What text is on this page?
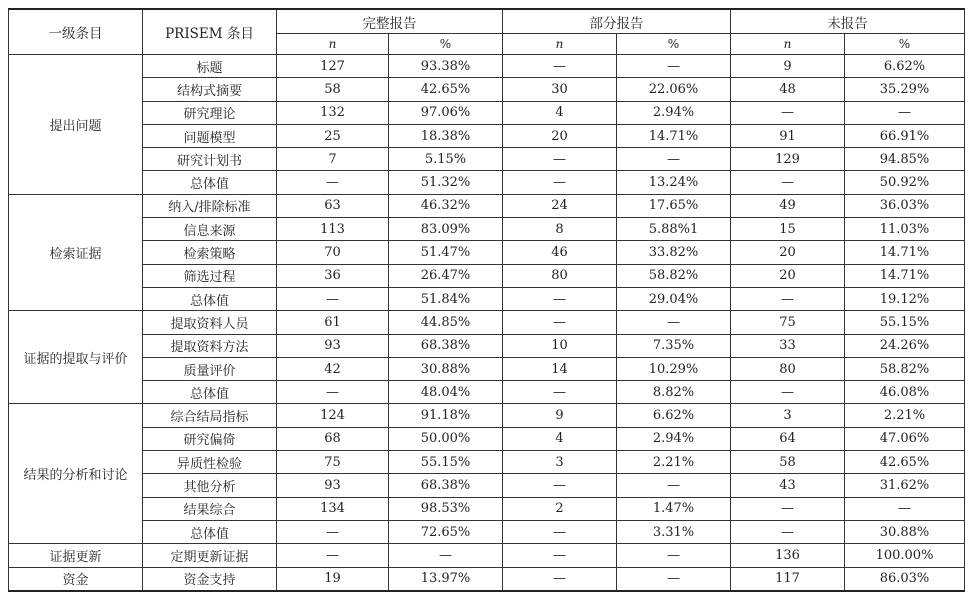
一级条目	PRISEM 条目	完整报告		部分报告		未报告	
		n	%	n	%	n	%
提出问题	标题	127	93.38%	—	—	9	6.62%
	结构式摘要	58	42.65%	30	22.06%	48	35.29%
	研究理论	132	97.06%	4	2.94%	—	—
	问题模型	25	18.38%	20	14.71%	91	66.91%
	研究计划书	7	5.15%	—	—	129	94.85%
	总体值	—	51.32%	—	13.24%	—	50.92%
检索证据	纳入/排除标准	63	46.32%	24	17.65%	49	36.03%
	信息来源	113	83.09%	8	5.88%1	15	11.03%
	检索策略	70	51.47%	46	33.82%	20	14.71%
	筛选过程	36	26.47%	80	58.82%	20	14.71%
	总体值	—	51.84%	—	29.04%	—	19.12%
证据的提取与评价	提取资料人员	61	44.85%	—	—	75	55.15%
	提取资料方法	93	68.38%	10	7.35%	33	24.26%
	质量评价	42	30.88%	14	10.29%	80	58.82%
	总体值	—	48.04%	—	8.82%	—	46.08%
结果的分析和讨论	综合结局指标	124	91.18%	9	6.62%	3	2.21%
	研究偏倚	68	50.00%	4	2.94%	64	47.06%
	异质性检验	75	55.15%	3	2.21%	58	42.65%
	其他分析	93	68.38%	—	—	43	31.62%
	结果综合	134	98.53%	2	1.47%	—	—
	总体值	—	72.65%	—	3.31%	—	30.88%
证据更新	定期更新证据	—	—	—	—	136	100.00%
资金	资金支持	19	13.97%	—	—	117	86.03%
